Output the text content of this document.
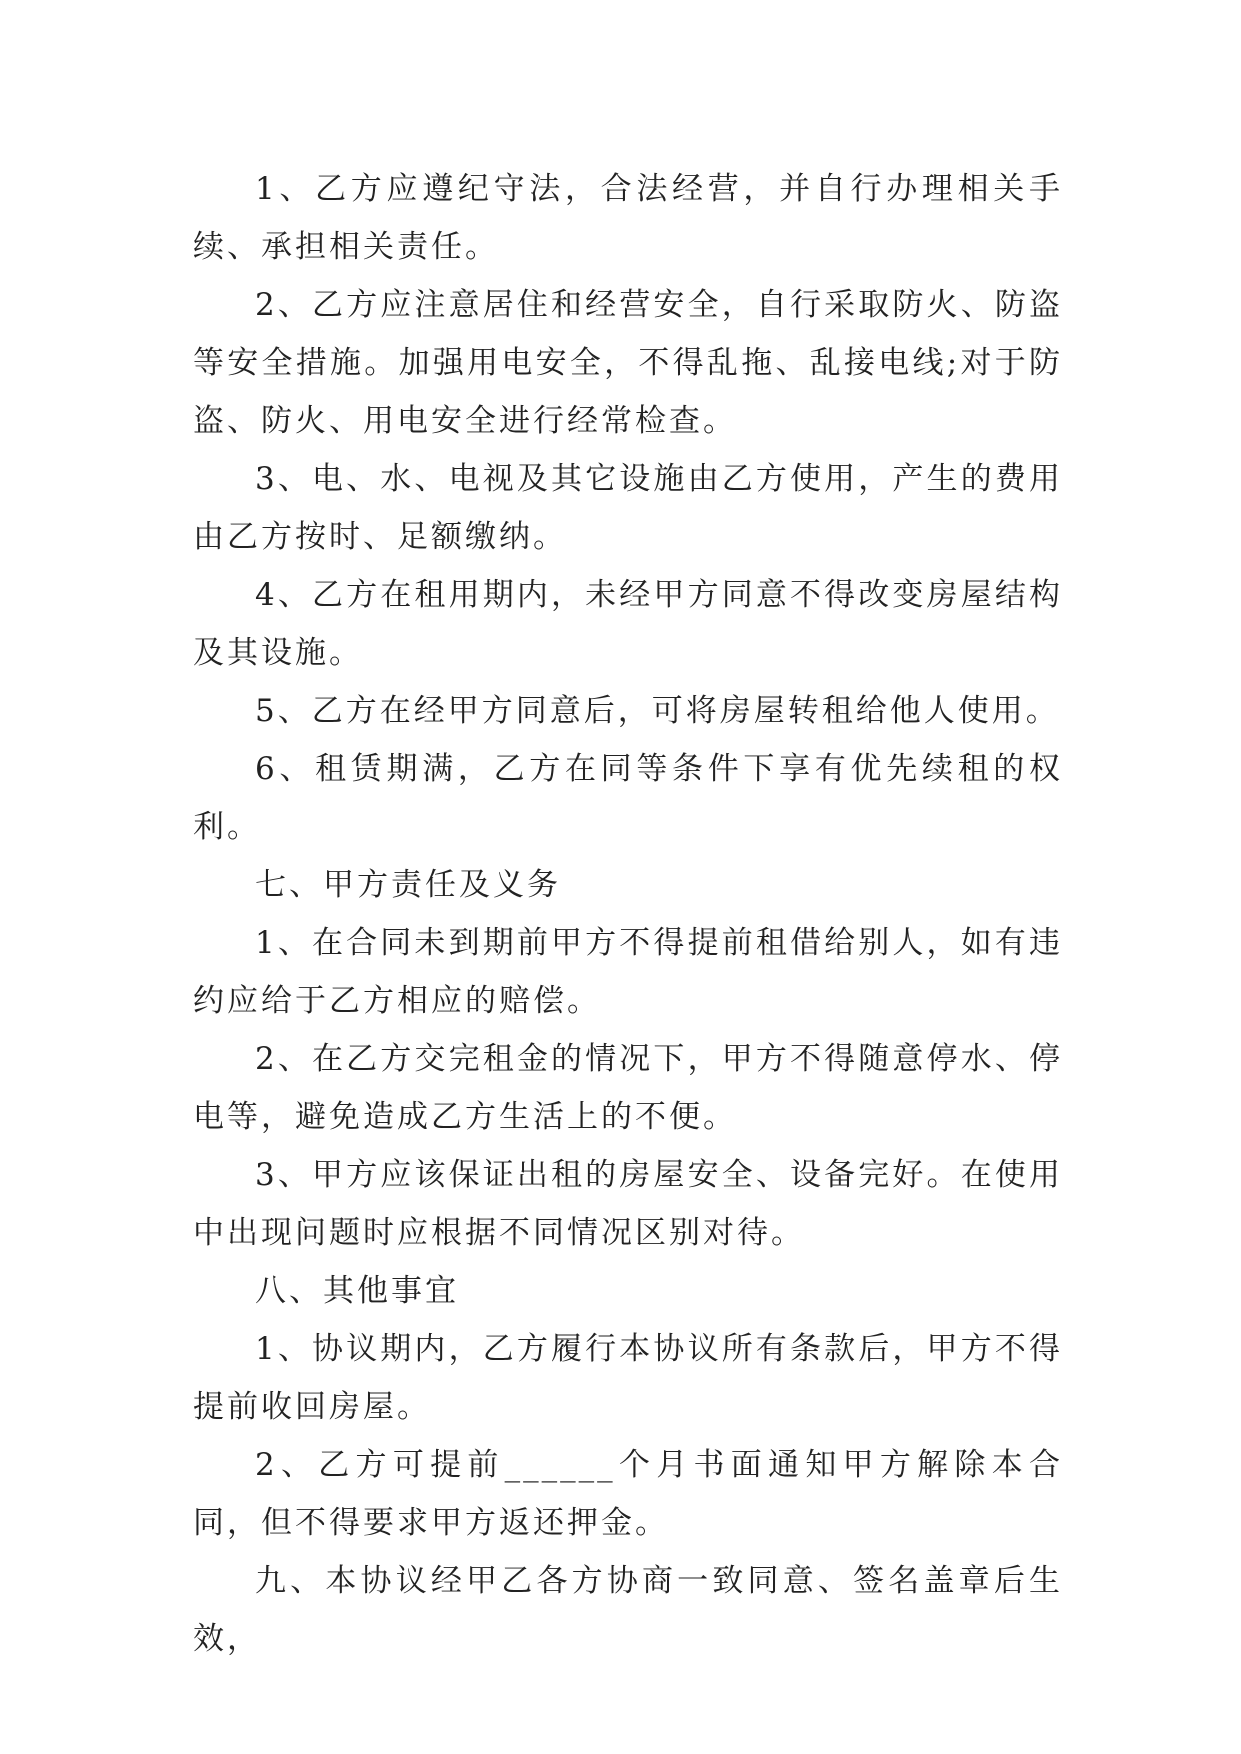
1、乙方应遵纪守法，合法经营，并自行办理相关手续、承担相关责任。

2、乙方应注意居住和经营安全，自行采取防火、防盗等安全措施。加强用电安全，不得乱拖、乱接电线;对于防盗、防火、用电安全进行经常检查。

3、电、水、电视及其它设施由乙方使用，产生的费用由乙方按时、足额缴纳。

4、乙方在租用期内，未经甲方同意不得改变房屋结构及其设施。

5、乙方在经甲方同意后，可将房屋转租给他人使用。

6、租赁期满，乙方在同等条件下享有优先续租的权利。

七、甲方责任及义务

1、在合同未到期前甲方不得提前租借给别人，如有违约应给于乙方相应的赔偿。

2、在乙方交完租金的情况下，甲方不得随意停水、停电等，避免造成乙方生活上的不便。

3、甲方应该保证出租的房屋安全、设备完好。在使用中出现问题时应根据不同情况区别对待。

八、其他事宜

1、协议期内，乙方履行本协议所有条款后，甲方不得提前收回房屋。

2、乙方可提前______个月书面通知甲方解除本合同，但不得要求甲方返还押金。

九、本协议经甲乙各方协商一致同意、签名盖章后生效，
